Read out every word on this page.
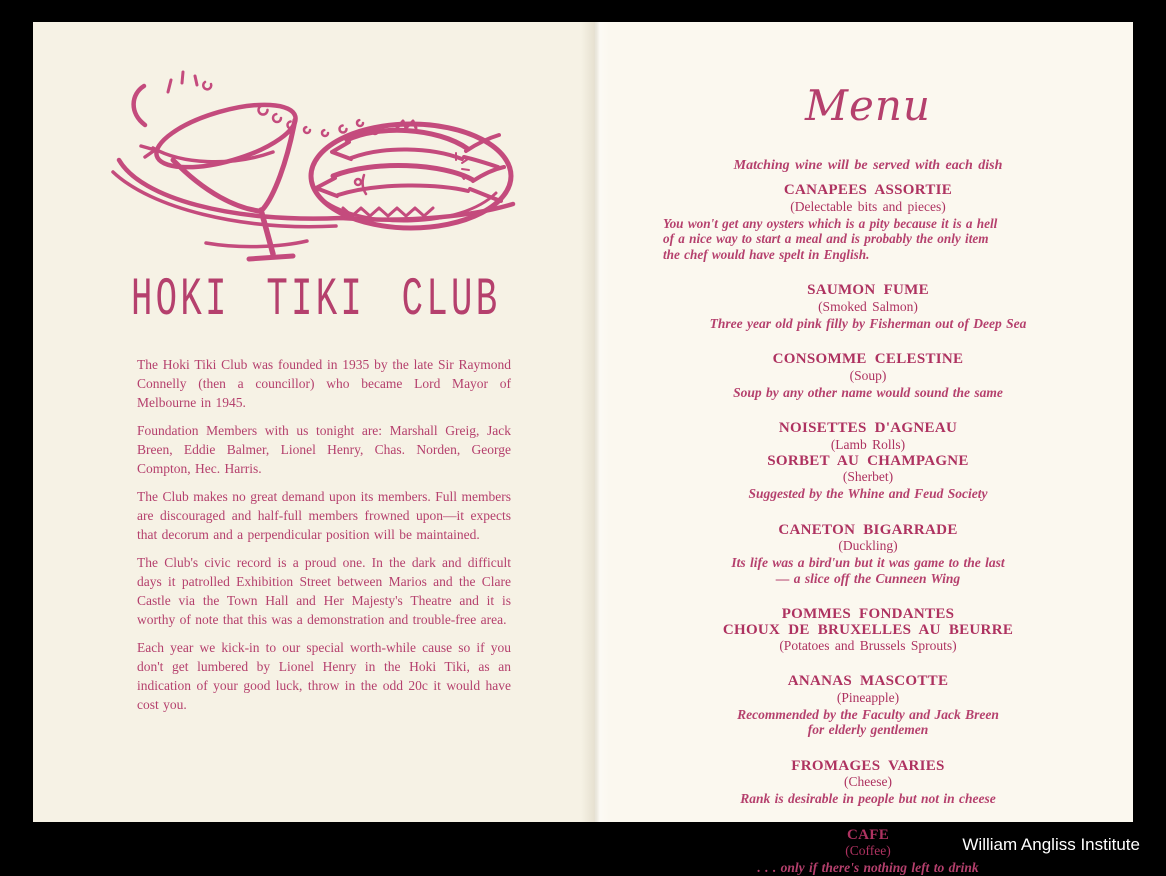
HOKI TIKI CLUB

The Hoki Tiki Club was founded in 1935 by the late Sir Raymond Connelly (then a councillor) who became Lord Mayor of Melbourne in 1945.

Foundation Members with us tonight are: Marshall Greig, Jack Breen, Eddie Balmer, Lionel Henry, Chas. Norden, George Compton, Hec. Harris.

The Club makes no great demand upon its members. Full members are discouraged and half-full members frowned upon—it expects that decorum and a perpendicular position will be maintained.

The Club's civic record is a proud one. In the dark and difficult days it patrolled Exhibition Street between Marios and the Clare Castle via the Town Hall and Her Majesty's Theatre and it is worthy of note that this was a demonstration and trouble-free area.

Each year we kick-in to our special worth-while cause so if you don't get lumbered by Lionel Henry in the Hoki Tiki, as an indication of your good luck, throw in the odd 20c it would have cost you.

Menu
Matching wine will be served with each dish
CANAPEES ASSORTIE
(Delectable bits and pieces)
You won't get any oysters which is a pity because it is a hell
of a nice way to start a meal and is probably the only item
the chef would have spelt in English.
SAUMON FUME
(Smoked Salmon)
Three year old pink filly by Fisherman out of Deep Sea
CONSOMME CELESTINE
(Soup)
Soup by any other name would sound the same
NOISETTES D'AGNEAU
(Lamb Rolls)
SORBET AU CHAMPAGNE
(Sherbet)
Suggested by the Whine and Feud Society
CANETON BIGARRADE
(Duckling)
Its life was a bird'un but it was game to the last
— a slice off the Cunneen Wing
POMMES FONDANTES
CHOUX DE BRUXELLES AU BEURRE
(Potatoes and Brussels Sprouts)
ANANAS MASCOTTE
(Pineapple)
Recommended by the Faculty and Jack Breen
for elderly gentlemen
FROMAGES VARIES
(Cheese)
Rank is desirable in people but not in cheese
CAFE
(Coffee)
. . . only if there's nothing left to drink
William Angliss Institute
